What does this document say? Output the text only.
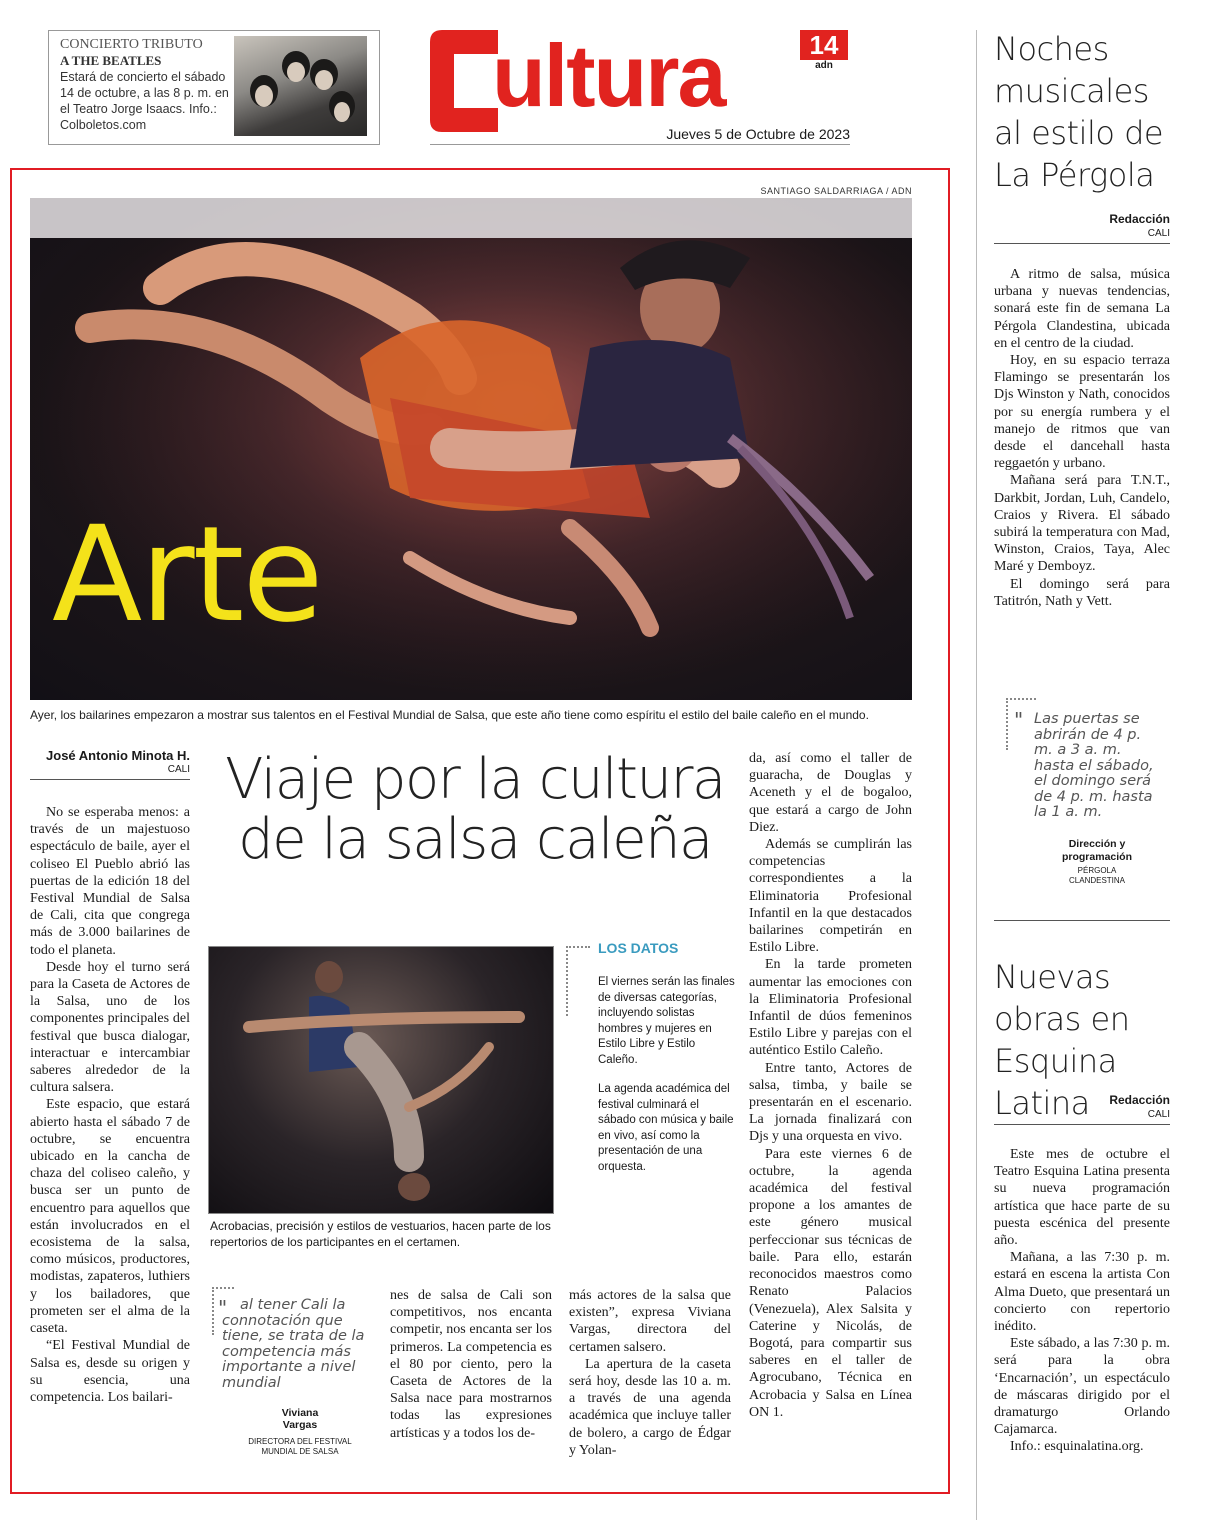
CONCIERTO TRIBUTO
A THE BEATLES
Estará de concierto el sábado 14 de octubre, a las 8 p. m. en el Teatro Jorge Isaacs. Info.: Colboletos.com	ultura	14
adn
Jueves 5 de Octubre de 2023
SANTIAGO SALDARRIAGA / ADN
Arte
Ayer, los bailarines empezaron a mostrar sus talentos en el Festival Mundial de Salsa, que este año tiene como espíritu el estilo del baile caleño en el mundo.
José Antonio Minota H.
CALI Viaje por la cultura de la salsa caleña

No se esperaba menos: a través de un majestuoso espectáculo de baile, ayer el coliseo El Pueblo abrió las puertas de la edición 18 del Festival Mundial de Salsa de Cali, cita que congrega más de 3.000 bailarines de todo el planeta.

Desde hoy el turno será para la Caseta de Actores de la Salsa, uno de los componentes principales del festival que busca dialogar, interactuar e intercambiar saberes alrededor de la cultura salsera.

Este espacio, que estará abierto hasta el sábado 7 de octubre, se encuentra ubicado en la cancha de chaza del coliseo caleño, y busca ser un punto de encuentro para aquellos que están involucrados en el ecosistema de la salsa, como músicos, productores, modistas, zapateros, luthiers y los bailadores, que prometen ser el alma de la caseta.

“El Festival Mundial de Salsa es, desde su origen y su esencia, una competencia. Los bailari-

Acrobacias, precisión y estilos de vestuarios, hacen parte de los repertorios de los participantes en el certamen.
LOS DATOS

El viernes serán las finales de diversas categorías, incluyendo solistas hombres y mujeres en Estilo Libre y Estilo Caleño.

La agenda académica del festival culminará el sábado con música y baile en vivo, así como la presentación de una orquesta.

" al tener Cali la connotación que tiene, se trata de la competencia más importante a nivel mundial
Viviana Vargas
DIRECTORA DEL FESTIVAL MUNDIAL DE SALSA

nes de salsa de Cali son competitivos, nos encanta competir, nos encanta ser los primeros. La competencia es el 80 por ciento, pero la Caseta de Actores de la Salsa nace para mostrarnos todas las expresiones artísticas y a todos los de-

más actores de la salsa que existen”, expresa Viviana Vargas, directora del certamen salsero.

La apertura de la caseta será hoy, desde las 10 a. m. a través de una agenda académica que incluye taller de bolero, a cargo de Édgar y Yolan-

da, así como el taller de guaracha, de Douglas y Aceneth y el de bogaloo, que estará a cargo de John Diez.

Además se cumplirán las competencias correspondientes a la Eliminatoria Profesional Infantil en la que destacados bailarines competirán en Estilo Libre.

En la tarde prometen aumentar las emociones con la Eliminatoria Profesional Infantil de dúos femeninos Estilo Libre y parejas con el auténtico Estilo Caleño.

Entre tanto, Actores de salsa, timba, y baile se presentarán en el escenario. La jornada finalizará con Djs y una orquesta en vivo.

Para este viernes 6 de octubre, la agenda académica del festival propone a los amantes de este género musical perfeccionar sus técnicas de baile. Para ello, estarán reconocidos maestros como Renato Palacios (Venezuela), Alex Salsita y Caterine y Nicolás, de Bogotá, para compartir sus saberes en el taller de Agrocubano, Técnica en Acrobacia y Salsa en Línea ON 1.

Noches musicales al estilo de La Pérgola
Redacción
CALI

A ritmo de salsa, música urbana y nuevas tendencias, sonará este fin de semana La Pérgola Clandestina, ubicada en el centro de la ciudad.

Hoy, en su espacio terraza Flamingo se presentarán los Djs Winston y Nath, conocidos por su energía rumbera y el manejo de ritmos que van desde el dancehall hasta reggaetón y urbano.

Mañana será para T.N.T., Darkbit, Jordan, Luh, Candelo, Craios y Rivera. El sábado subirá la temperatura con Mad, Winston, Craios, Taya, Alec Maré y Demboyz.

El domingo será para Tatitrón, Nath y Vett.

" Las puertas se abrirán de 4 p. m. a 3 a. m. hasta el sábado, el domingo será de 4 p. m. hasta la 1 a. m.
Dirección y programación
PÉRGOLA CLANDESTINA
Nuevas obras en Esquina Latina	Redacción
CALI

Este mes de octubre el Teatro Esquina Latina presenta su nueva programación artística que hace parte de su puesta escénica del presente año.

Mañana, a las 7:30 p. m. estará en escena la artista Con Alma Dueto, que presentará un concierto con repertorio inédito.

Este sábado, a las 7:30 p. m. será para la obra ‘Encarnación’, un espectáculo de máscaras dirigido por el dramaturgo Orlando Cajamarca.

Info.: esquinalatina.org.
